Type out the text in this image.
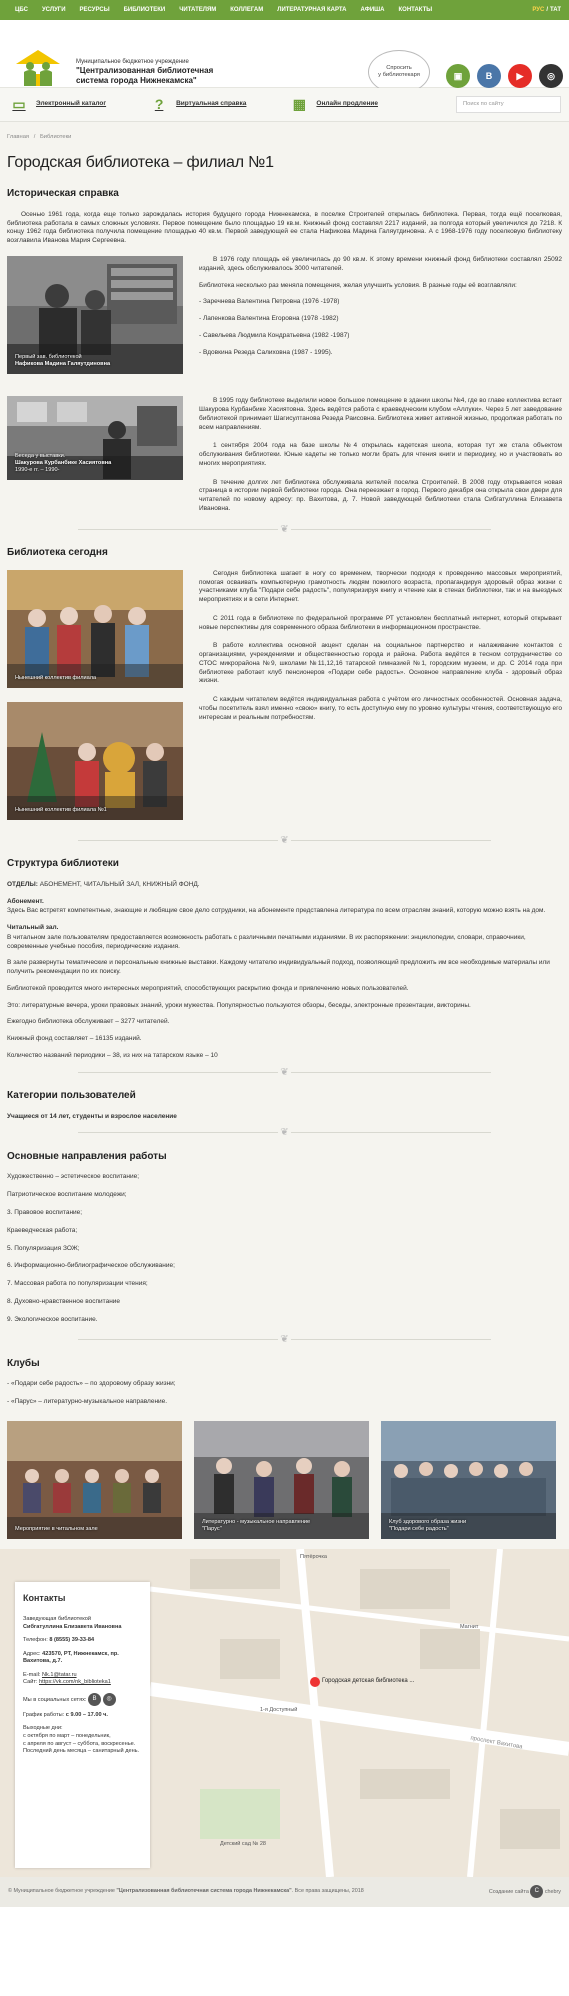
ЦБС	УСЛУГИ	РЕСУРСЫ	БИБЛИОТЕКИ	ЧИТАТЕЛЯМ	КОЛЛЕГАМ	ЛИТЕРАТУРНАЯ КАРТА	АФИША	КОНТАКТЫ	РУС / ТАТ
Муниципальное бюджетное учреждение
"Централизованная библиотечная
система города Нижнекамска"
Спросить
у библиотекаря	▣	В	▶	◎
▭	Электронный каталог	?	Виртуальная справка	▦	Онлайн продление	Поиск по сайту
Главная / Библиотеки
Городская библиотека – филиал №1
Историческая справка

Осенью 1961 года, когда еще только зарождалась история будущего города Нижнекамска, в поселке Строителей открылась библиотека. Первая, тогда ещё поселковая, библиотека работала в самых сложных условиях. Первое помещение было площадью 19 кв.м. Книжный фонд составлял 2217 изданий, за полгода который увеличился до 7218. К концу 1962 года библиотека получила помещение площадью 40 кв.м. Первой заведующей ее стала Нафикова Мадина Галяутдиновна. А с 1968-1976 году поселковую библиотеку возглавила Иванова Мария Сергеевна.

Первый зав. библиотекой
Нафикова Мадина Галяутдиновна
Беседа у выставки.
Шакурова Курбанбике Хасиятовна
1990-е гг. – 1990-

В 1976 году площадь её увеличилась до 90 кв.м. К этому времени книжный фонд библиотеки составлял 25092 изданий, здесь обслуживалось 3000 читателей.

Библиотека несколько раз меняла помещения, желая улучшить условия. В разные годы её возглавляли:

- Заречнева Валентина Петровна (1976 -1978)

- Лапенкова Валентина Егоровна (1978 -1982)

- Савельева Людмила Кондратьевна (1982 -1987)

- Вдовкина Резеда Салиховна (1987 - 1995).

В 1995 году библиотеке выделили новое большое помещение в здании школы №4, где во главе коллектива встает Шакурова Курбанбике Хасиятовна. Здесь ведётся работа с краеведческим клубом «Аллуки». Через 5 лет заведование библиотекой принимает Шагисултанова Резеда Раисовна. Библиотека живет активной жизнью, продолжая работать по всем направлениям.

1 сентября 2004 года на базе школы №4 открылась кадетская школа, которая тут же стала объектом обслуживания библиотеки. Юные кадеты не только могли брать для чтения книги и периодику, но и участвовать во многих мероприятиях.

В течение долгих лет библиотека обслуживала жителей поселка Строителей. В 2008 году открывается новая страница в истории первой библиотеки города. Она переезжает в город. Первого декабря она открыла свои двери для читателей по новому адресу: пр. Вахитова, д. 7. Новой заведующей библиотеки стала Сибгатуллина Елизавета Ивановна.

❦
Библиотека сегодня
Нынешний коллектив филиала
Нынешний коллектив филиала №1

Сегодня библиотека шагает в ногу со временем, творчески подходя к проведению массовых мероприятий, помогая осваивать компьютерную грамотность людям пожилого возраста, пропагандируя здоровый образ жизни с участниками клуба "Подари себе радость", популяризируя книгу и чтение как в стенах библиотеки, так и на выездных мероприятиях и в сети Интернет.

С 2011 года в библиотеке по федеральной программе РТ установлен бесплатный интернет, который открывает новые перспективы для современного образа библиотеки в информационном пространстве.

В работе коллектива основной акцент сделан на социальное партнерство и налаживание контактов с организациями, учреждениями и общественностью города и района. Работа ведётся в тесном сотрудничестве со СТОС микрорайона №9, школами №11,12,16 татарской гимназией №1, городским музеем, и др. С 2014 года при библиотеке работает клуб пенсионеров «Подари себе радость». Основное направление клуба - здоровый образ жизни.

С каждым читателем ведётся индивидуальная работа с учётом его личностных особенностей. Основная задача, чтобы посетитель взял именно «свою» книгу, то есть доступную ему по уровню культуры чтения, соответствующую его интересам и реальным потребностям.

❦
Структура библиотеки

ОТДЕЛЫ: АБОНЕМЕНТ, ЧИТАЛЬНЫЙ ЗАЛ, КНИЖНЫЙ ФОНД.

Абонемент.

Здесь Вас встретят компетентные, знающие и любящие свое дело сотрудники, на абонементе представлена литература по всем отраслям знаний, которую можно взять на дом.

Читальный зал.

В читальном зале пользователям предоставляется возможность работать с различными печатными изданиями. В их распоряжении: энциклопедии, словари, справочники, современные учебные пособия, периодические издания.

В зале развернуты тематические и персональные книжные выставки. Каждому читателю индивидуальный подход, позволяющий предложить им все необходимые материалы или получить рекомендации по их поиску.

Библиотекой проводится много интересных мероприятий, способствующих раскрытию фонда и привлечению новых пользователей.

Это: литературные вечера, уроки правовых знаний, уроки мужества. Популярностью пользуются обзоры, беседы, электронные презентации, викторины.

Ежегодно библиотека обслуживает – 3277 читателей.

Книжный фонд составляет – 16135 изданий.

Количество названий периодики – 38, из них на татарском языке – 10

❦
Категории пользователей

Учащиеся от 14 лет, студенты и взрослое население

❦
Основные направления работы

Художественно – эстетическое воспитание;

Патриотическое воспитание молодежи;

3. Правовое воспитание;

Краеведческая работа;

5. Популяризация ЗОЖ;

6. Информационно-библиографическое обслуживание;

7. Массовая работа по популяризации чтения;

8. Духовно-нравственное воспитание

9. Экологическое воспитание.

❦
Клубы

- «Подари себе радость» – по здоровому образу жизни;

- «Парус» – литературно-музыкальное направление.

Мероприятие в читальном зале
Литературно - музыкальное направление
"Парус"
Клуб здорового образа жизни
"Подари себе радость"
Пятёрочка
Магнит
Городская детская библиотека ...
проспект Вахитова
1-я Доступный
Детский сад № 28
Контакты

Заведующая библиотекой
Сибгатуллина Елизавета Ивановна

Телефон: 8 (8555) 39-33-84

Адрес: 423570, РТ, Нижнекамск, пр. Вахитова, д.7.

E-mail: Nk.1@tatar.ru
Сайт: https://vk.com/nk_biblioteka1

Мы в социальных сетях: В ◎

График работы: с 9.00 – 17.00 ч.

Выходные дни:
с октября по март – понедельник,
с апреля по август – суббота, воскресенье.
Последний день месяца – санитарный день.

© Муниципальное бюджетное учреждение "Централизованная библиотечная система города Нижнекамска". Все права защищены, 2018	Создание сайта C chebry
